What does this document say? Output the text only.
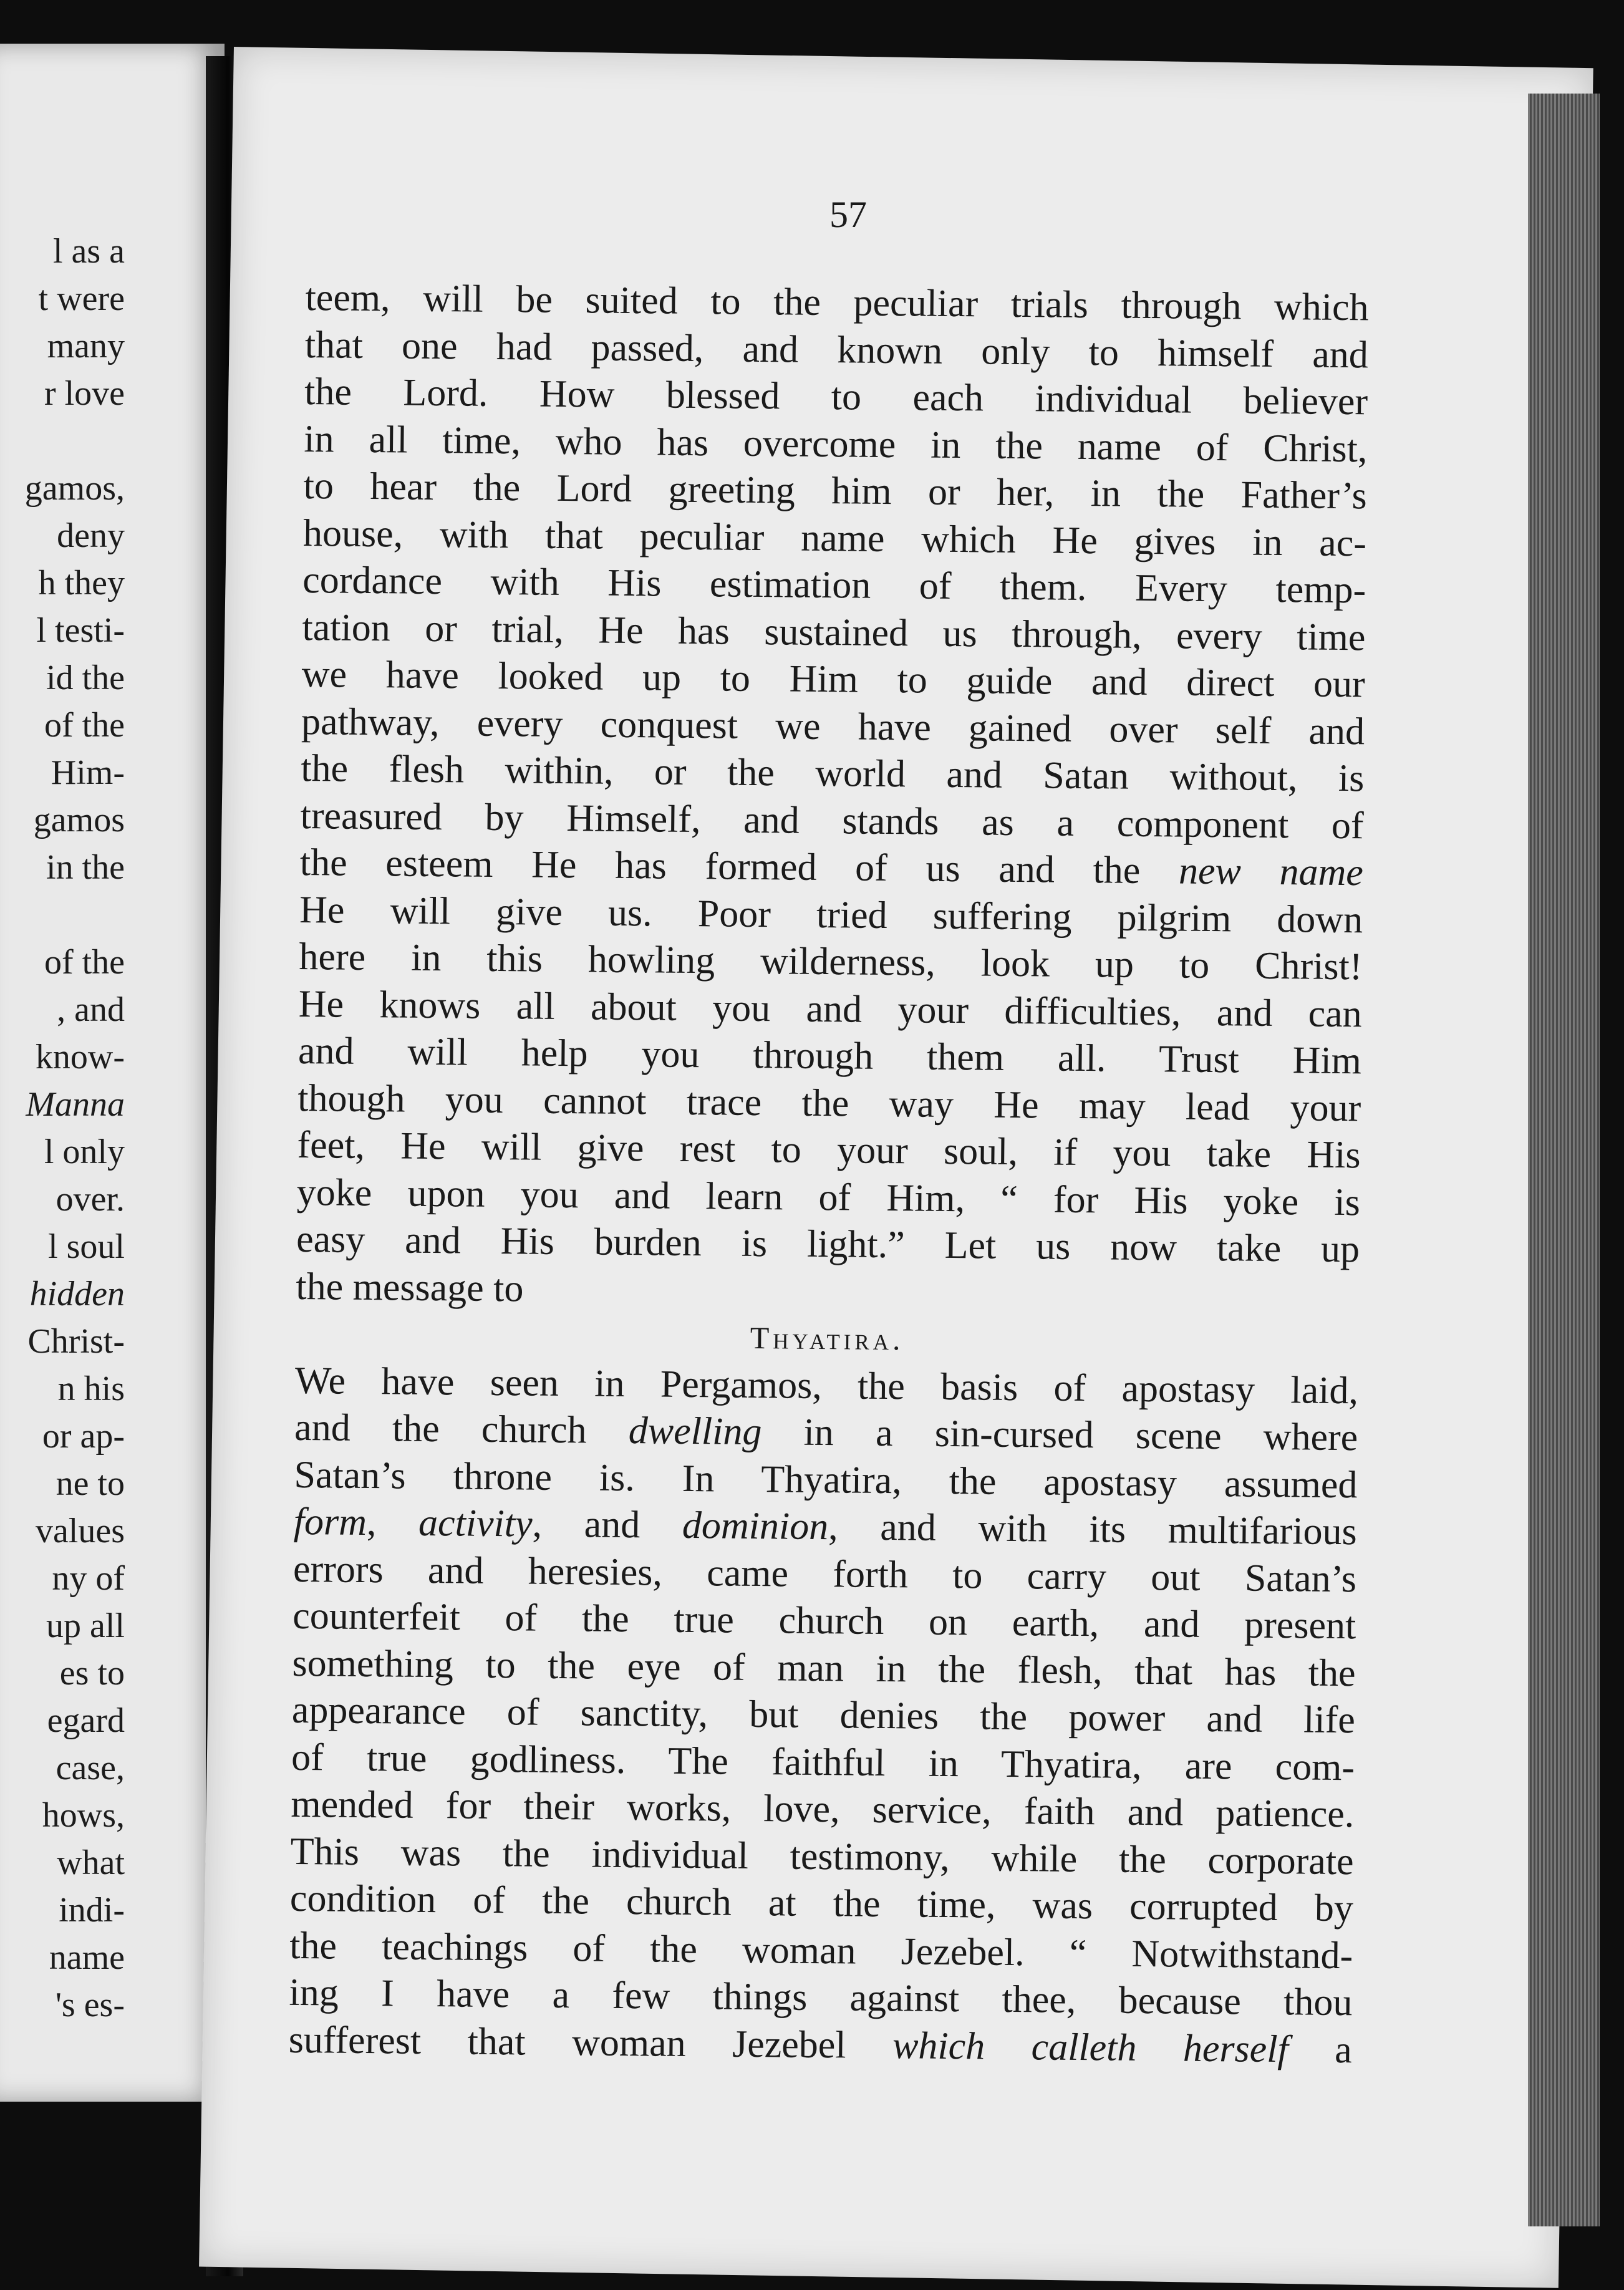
l as a
t were
many
r love
gamos,
deny
h they
l testi-
id the
of the
Him-
gamos
in the
of the
, and
know-
Manna
l only
over.
l soul
hidden
Christ-
n his
or ap-
ne to
values
ny of
up all
es to
egard
case,
hows,
what
indi-
name
's es-
57
teem, will be suited to the peculiar trials through which
that one had passed, and known only to himself and
the Lord. How blessed to each individual believer
in all time, who has overcome in the name of Christ,
to hear the Lord greeting him or her, in the Father’s
house, with that peculiar name which He gives in ac-
cordance with His estimation of them. Every temp-
tation or trial, He has sustained us through, every time
we have looked up to Him to guide and direct our
pathway, every conquest we have gained over self and
the flesh within, or the world and Satan without, is
treasured by Himself, and stands as a component of
the esteem He has formed of us and the new name
He will give us. Poor tried suffering pilgrim down
here in this howling wilderness, look up to Christ!
He knows all about you and your difficulties, and can
and will help you through them all. Trust Him
though you cannot trace the way He may lead your
feet, He will give rest to your soul, if you take His
yoke upon you and learn of Him, “ for His yoke is
easy and His burden is light.” Let us now take up
the message to
Thyatira.
We have seen in Pergamos, the basis of apostasy laid,
and the church dwelling in a sin-cursed scene where
Satan’s throne is. In Thyatira, the apostasy assumed
form, activity, and dominion, and with its multifarious
errors and heresies, came forth to carry out Satan’s
counterfeit of the true church on earth, and present
something to the eye of man in the flesh, that has the
appearance of sanctity, but denies the power and life
of true godliness. The faithful in Thyatira, are com-
mended for their works, love, service, faith and patience.
This was the individual testimony, while the corporate
condition of the church at the time, was corrupted by
the teachings of the woman Jezebel. “ Notwithstand-
ing I have a few things against thee, because thou
sufferest that woman Jezebel which calleth herself a
